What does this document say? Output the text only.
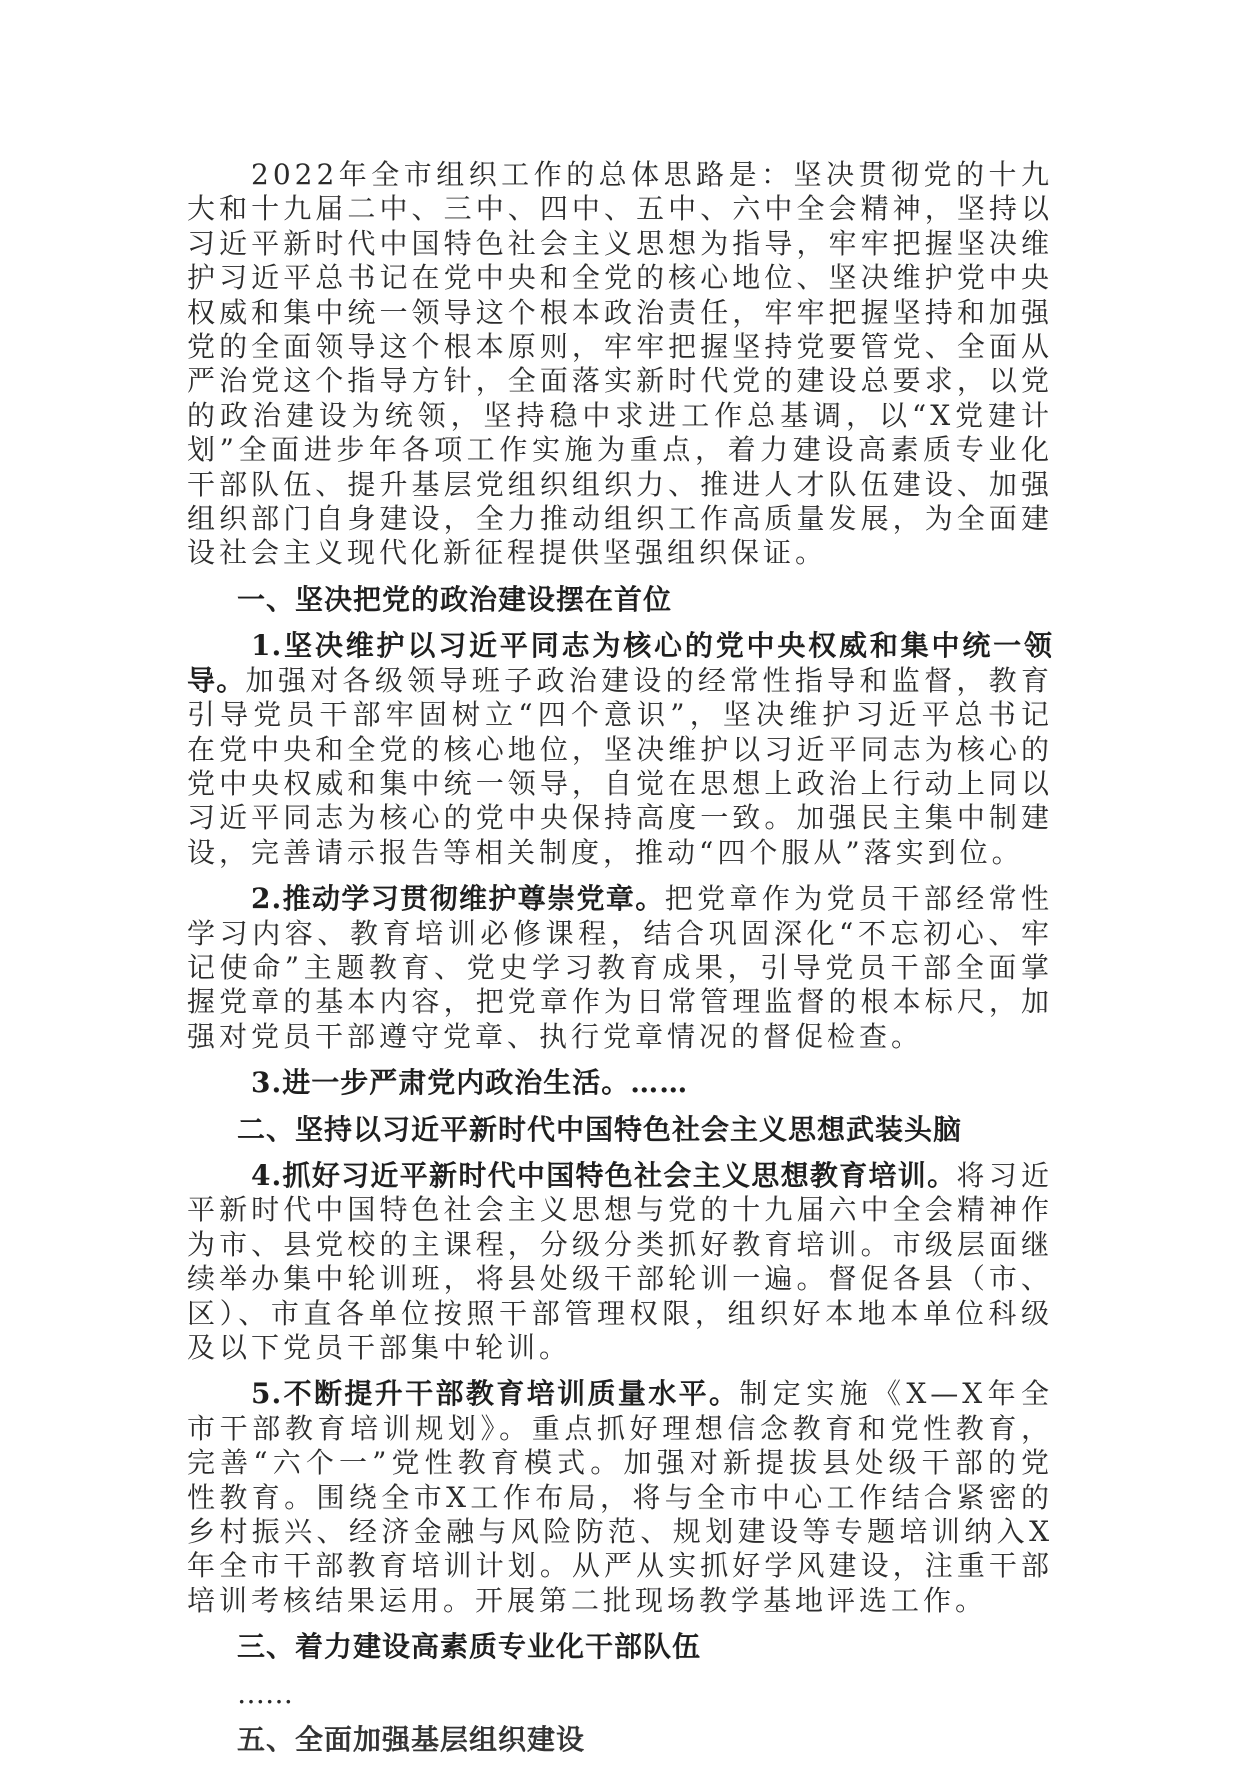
2022年全市组织工作的总体思路是：坚决贯彻党的十九大和十九届二中、三中、四中、五中、六中全会精神，坚持以习近平新时代中国特色社会主义思想为指导，牢牢把握坚决维护习近平总书记在党中央和全党的核心地位、坚决维护党中央权威和集中统一领导这个根本政治责任，牢牢把握坚持和加强党的全面领导这个根本原则，牢牢把握坚持党要管党、全面从严治党这个指导方针，全面落实新时代党的建设总要求，以党的政治建设为统领，坚持稳中求进工作总基调，以“X党建计划”全面进步年各项工作实施为重点，着力建设高素质专业化干部队伍、提升基层党组织组织力、推进人才队伍建设、加强组织部门自身建设，全力推动组织工作高质量发展，为全面建设社会主义现代化新征程提供坚强组织保证。

一、坚决把党的政治建设摆在首位

1.坚决维护以习近平同志为核心的党中央权威和集中统一领导。加强对各级领导班子政治建设的经常性指导和监督，教育引导党员干部牢固树立“四个意识”，坚决维护习近平总书记在党中央和全党的核心地位，坚决维护以习近平同志为核心的党中央权威和集中统一领导，自觉在思想上政治上行动上同以习近平同志为核心的党中央保持高度一致。加强民主集中制建设，完善请示报告等相关制度，推动“四个服从”落实到位。

2.推动学习贯彻维护尊崇党章。把党章作为党员干部经常性学习内容、教育培训必修课程，结合巩固深化“不忘初心、牢记使命”主题教育、党史学习教育成果，引导党员干部全面掌握党章的基本内容，把党章作为日常管理监督的根本标尺，加强对党员干部遵守党章、执行党章情况的督促检查。

3.进一步严肃党内政治生活。……

二、坚持以习近平新时代中国特色社会主义思想武装头脑

4.抓好习近平新时代中国特色社会主义思想教育培训。将习近平新时代中国特色社会主义思想与党的十九届六中全会精神作为市、县党校的主课程，分级分类抓好教育培训。市级层面继续举办集中轮训班，将县处级干部轮训一遍。督促各县（市、区）、市直各单位按照干部管理权限，组织好本地本单位科级及以下党员干部集中轮训。

5.不断提升干部教育培训质量水平。制定实施《X—X年全市干部教育培训规划》。重点抓好理想信念教育和党性教育，完善“六个一”党性教育模式。加强对新提拔县处级干部的党性教育。围绕全市X工作布局，将与全市中心工作结合紧密的乡村振兴、经济金融与风险防范、规划建设等专题培训纳入X年全市干部教育培训计划。从严从实抓好学风建设，注重干部培训考核结果运用。开展第二批现场教学基地评选工作。

三、着力建设高素质专业化干部队伍

……

五、全面加强基层组织建设
